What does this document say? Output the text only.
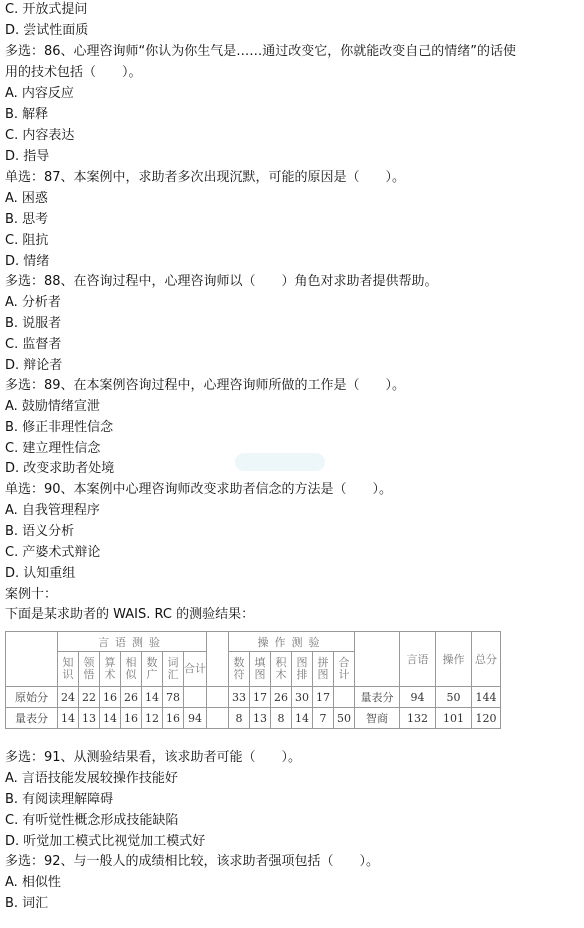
C. 开放式提问
D. 尝试性面质
多选：86、心理咨询师“你认为你生气是……通过改变它，你就能改变自己的情绪”的话使
用的技术包括（　　）。
A. 内容反应
B. 解释
C. 内容表达
D. 指导
单选：87、本案例中，求助者多次出现沉默，可能的原因是（　　）。
A. 困惑
B. 思考
C. 阻抗
D. 情绪
多选：88、在咨询过程中，心理咨询师以（　　）角色对求助者提供帮助。
A. 分析者
B. 说服者
C. 监督者
D. 辩论者
多选：89、在本案例咨询过程中，心理咨询师所做的工作是（　　）。
A. 鼓励情绪宣泄
B. 修正非理性信念
C. 建立理性信念
D. 改变求助者处境
单选：90、本案例中心理咨询师改变求助者信念的方法是（　　）。
A. 自我管理程序
B. 语义分析
C. 产婆术式辩论
D. 认知重组
案例十：
下面是某求助者的 WAIS. RC 的测验结果：
	言语测验								操作测验							言语	操作	总分
	知识	领悟	算术	相似	数广	词汇	合计		数符	填图	积木	图排	拼图	合计				
原始分	24	22	16	26	14	78			33	17	26	30	17		量表分	94	50	144
量表分	14	13	14	16	12	16	94		8	13	8	14	7	50	智商	132	101	120
多选：91、从测验结果看，该求助者可能（　　）。
A. 言语技能发展较操作技能好
B. 有阅读理解障碍
C. 有听觉性概念形成技能缺陷
D. 听觉加工模式比视觉加工模式好
多选：92、与一般人的成绩相比较，该求助者强项包括（　　）。
A. 相似性
B. 词汇
